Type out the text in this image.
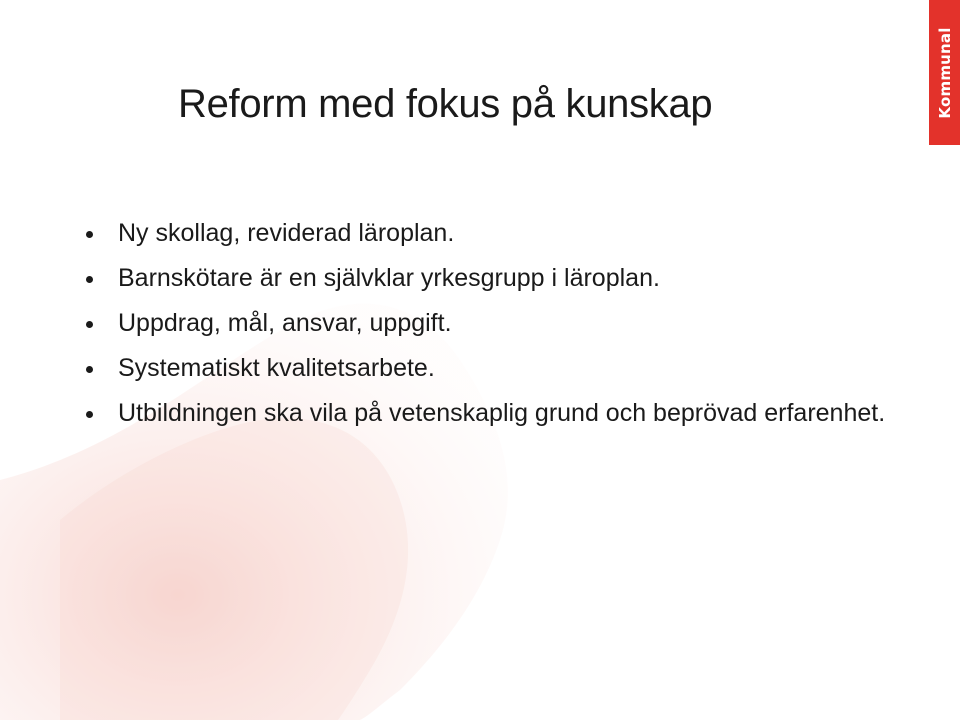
Reform med fokus på kunskap
Ny skollag, reviderad läroplan.
Barnskötare är en självklar yrkesgrupp i läroplan.
Uppdrag, mål, ansvar, uppgift.
Systematiskt kvalitetsarbete.
Utbildningen ska vila på vetenskaplig grund och beprövad erfarenhet.
Kommunal
